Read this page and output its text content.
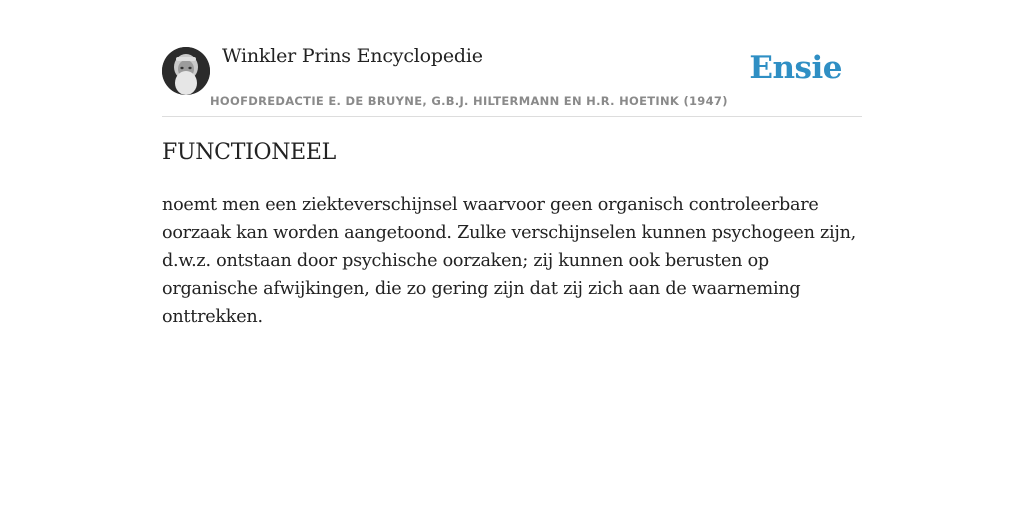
Winkler Prins Encyclopedie
HOOFDREDACTIE E. DE BRUYNE, G.B.J. HILTERMANN EN H.R. HOETINK (1947)
Ensie
FUNCTIONEEL

noemt men een ziekteverschijnsel waarvoor geen organisch controleerbare oorzaak kan worden aangetoond. Zulke verschijnselen kunnen psychogeen zijn, d.w.z. ontstaan door psychische oorzaken; zij kunnen ook berusten op organische afwijkingen, die zo gering zijn dat zij zich aan de waarneming onttrekken.
